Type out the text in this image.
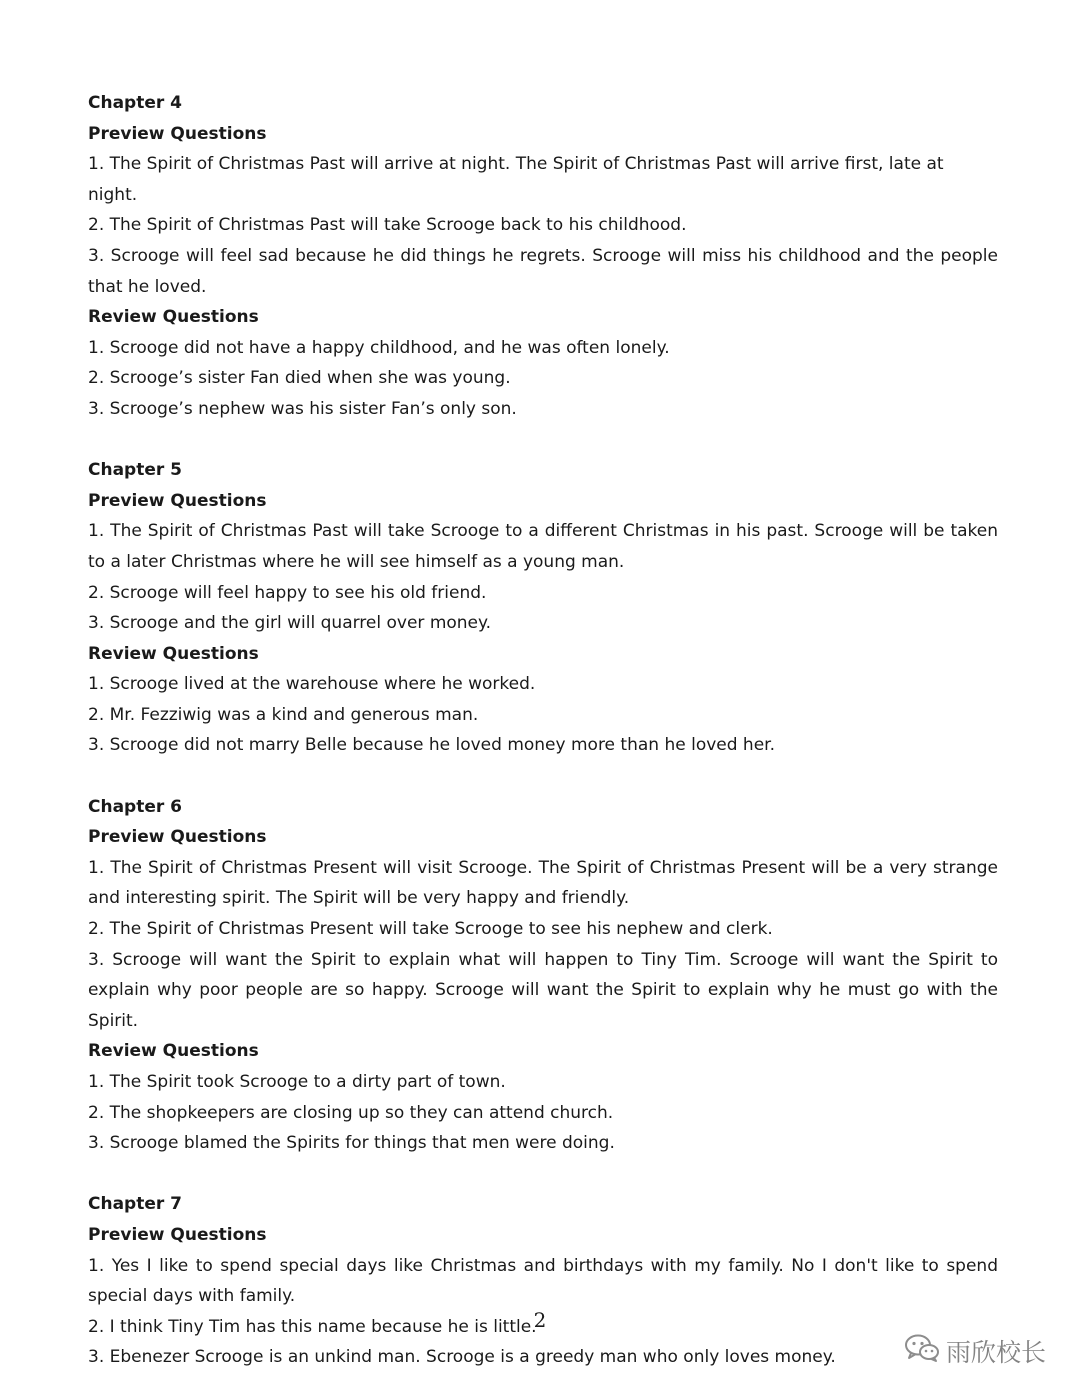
Chapter 4

Preview Questions

1. The Spirit of Christmas Past will arrive at night. The Spirit of Christmas Past will arrive first, late at night.

2. The Spirit of Christmas Past will take Scrooge back to his childhood.

3. Scrooge will feel sad because he did things he regrets. Scrooge will miss his childhood and the people that he loved.

Review Questions

1. Scrooge did not have a happy childhood, and he was often lonely.

2. Scrooge’s sister Fan died when she was young.

3. Scrooge’s nephew was his sister Fan’s only son.

Chapter 5

Preview Questions

1. The Spirit of Christmas Past will take Scrooge to a different Christmas in his past. Scrooge will be taken to a later Christmas where he will see himself as a young man.

2. Scrooge will feel happy to see his old friend.

3. Scrooge and the girl will quarrel over money.

Review Questions

1. Scrooge lived at the warehouse where he worked.

2. Mr. Fezziwig was a kind and generous man.

3. Scrooge did not marry Belle because he loved money more than he loved her.

Chapter 6

Preview Questions

1. The Spirit of Christmas Present will visit Scrooge. The Spirit of Christmas Present will be a very strange and interesting spirit. The Spirit will be very happy and friendly.

2. The Spirit of Christmas Present will take Scrooge to see his nephew and clerk.

3. Scrooge will want the Spirit to explain what will happen to Tiny Tim. Scrooge will want the Spirit to explain why poor people are so happy. Scrooge will want the Spirit to explain why he must go with the Spirit.

Review Questions

1. The Spirit took Scrooge to a dirty part of town.

2. The shopkeepers are closing up so they can attend church.

3. Scrooge blamed the Spirits for things that men were doing.

Chapter 7

Preview Questions

1. Yes I like to spend special days like Christmas and birthdays with my family. No I don't like to spend special days with family.

2. I think Tiny Tim has this name because he is little.

3. Ebenezer Scrooge is an unkind man. Scrooge is a greedy man who only loves money.

2
雨欣校长
